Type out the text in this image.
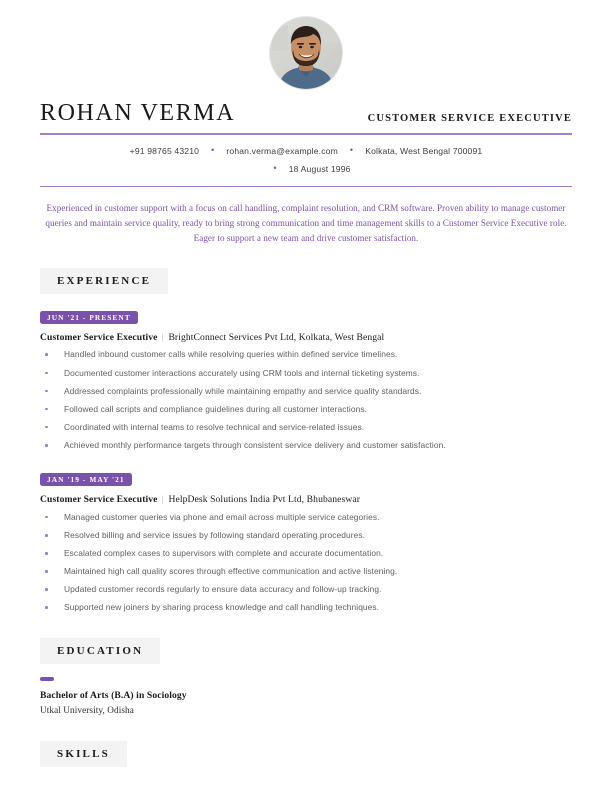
ROHAN VERMA	CUSTOMER SERVICE EXECUTIVE
+91 98765 43210 • rohan.verma@example.com • Kolkata, West Bengal 700091
• 18 August 1996
Experienced in customer support with a focus on call handling, complaint resolution, and CRM software. Proven ability to manage customer queries and maintain service quality, ready to bring strong communication and time management skills to a Customer Service Executive role. Eager to support a new team and drive customer satisfaction.
EXPERIENCE
JUN '21 - PRESENT
Customer Service Executive | BrightConnect Services Pvt Ltd, Kolkata, West Bengal
Handled inbound customer calls while resolving queries within defined service timelines.
Documented customer interactions accurately using CRM tools and internal ticketing systems.
Addressed complaints professionally while maintaining empathy and service quality standards.
Followed call scripts and compliance guidelines during all customer interactions.
Coordinated with internal teams to resolve technical and service-related issues.
Achieved monthly performance targets through consistent service delivery and customer satisfaction.
JAN '19 - MAY '21
Customer Service Executive | HelpDesk Solutions India Pvt Ltd, Bhubaneswar
Managed customer queries via phone and email across multiple service categories.
Resolved billing and service issues by following standard operating procedures.
Escalated complex cases to supervisors with complete and accurate documentation.
Maintained high call quality scores through effective communication and active listening.
Updated customer records regularly to ensure data accuracy and follow-up tracking.
Supported new joiners by sharing process knowledge and call handling techniques.
EDUCATION
Bachelor of Arts (B.A) in Sociology
Utkal University, Odisha
SKILLS
